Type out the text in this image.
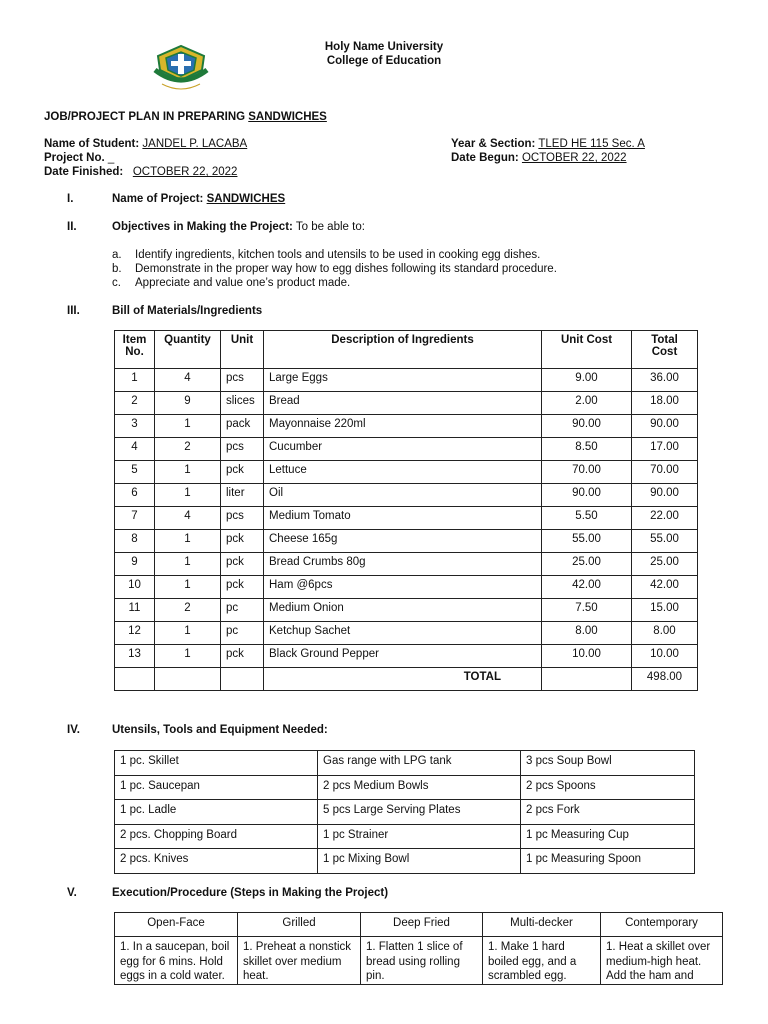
Holy Name University
College of Education
JOB/PROJECT PLAN IN PREPARING SANDWICHES
Name of Student: JANDEL P. LACABA
Project No. _
Date Finished: OCTOBER 22, 2022
Year & Section: TLED HE 115 Sec. A
Date Begun: OCTOBER 22, 2022
I.	Name of Project: SANDWICHES
II.	Objectives in Making the Project: To be able to:
a. Identify ingredients, kitchen tools and utensils to be used in cooking egg dishes.
b. Demonstrate in the proper way how to egg dishes following its standard procedure.
c. Appreciate and value one’s product made.
III.	Bill of Materials/Ingredients
Item No.	Quantity	Unit	Description of Ingredients	Unit Cost	Total Cost
1	4	pcs	Large Eggs	9.00	36.00
2	9	slices	Bread	2.00	18.00
3	1	pack	Mayonnaise 220ml	90.00	90.00
4	2	pcs	Cucumber	8.50	17.00
5	1	pck	Lettuce	70.00	70.00
6	1	liter	Oil	90.00	90.00
7	4	pcs	Medium Tomato	5.50	22.00
8	1	pck	Cheese 165g	55.00	55.00
9	1	pck	Bread Crumbs 80g	25.00	25.00
10	1	pck	Ham @6pcs	42.00	42.00
11	2	pc	Medium Onion	7.50	15.00
12	1	pc	Ketchup Sachet	8.00	8.00
13	1	pck	Black Ground Pepper	10.00	10.00
			TOTAL		498.00
IV.	Utensils, Tools and Equipment Needed:
1 pc. Skillet	Gas range with LPG tank	3 pcs Soup Bowl
1 pc. Saucepan	2 pcs Medium Bowls	2 pcs Spoons
1 pc. Ladle	5 pcs Large Serving Plates	2 pcs Fork
2 pcs. Chopping Board	1 pc Strainer	1 pc Measuring Cup
2 pcs. Knives	1 pc Mixing Bowl	1 pc Measuring Spoon
V.	Execution/Procedure (Steps in Making the Project)
Open-Face	Grilled	Deep Fried	Multi-decker	Contemporary
1. In a saucepan, boil egg for 6 mins. Hold eggs in a cold water.	1. Preheat a nonstick skillet over medium heat.	1. Flatten 1 slice of bread using rolling pin.	1. Make 1 hard boiled egg, and a scrambled egg.	1. Heat a skillet over medium-high heat. Add the ham and
